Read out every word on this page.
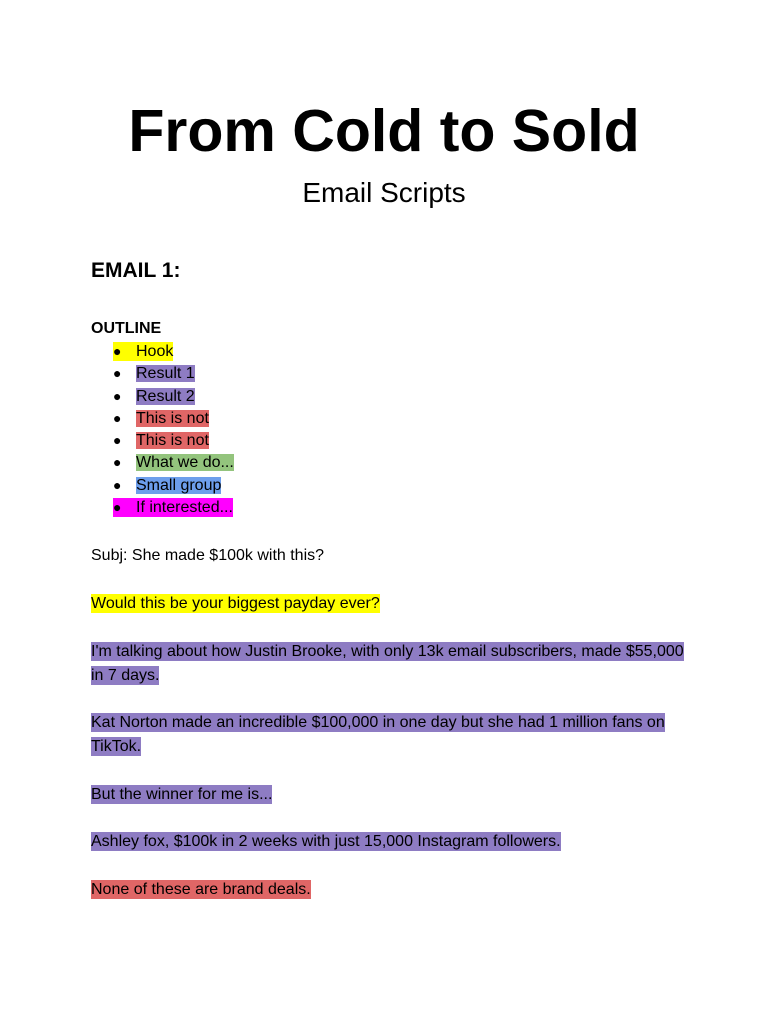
From Cold to Sold
Email Scripts
EMAIL 1:
OUTLINE
● Hook
● Result 1
● Result 2
● This is not
● This is not
● What we do...
● Small group
● If interested...

Subj: She made $100k with this?

Would this be your biggest payday ever?

I'm talking about how Justin Brooke, with only 13k email subscribers, made $55,000 in 7 days.

Kat Norton made an incredible $100,000 in one day but she had 1 million fans on TikTok.

But the winner for me is...

Ashley fox, $100k in 2 weeks with just 15,000 Instagram followers.

None of these are brand deals.
